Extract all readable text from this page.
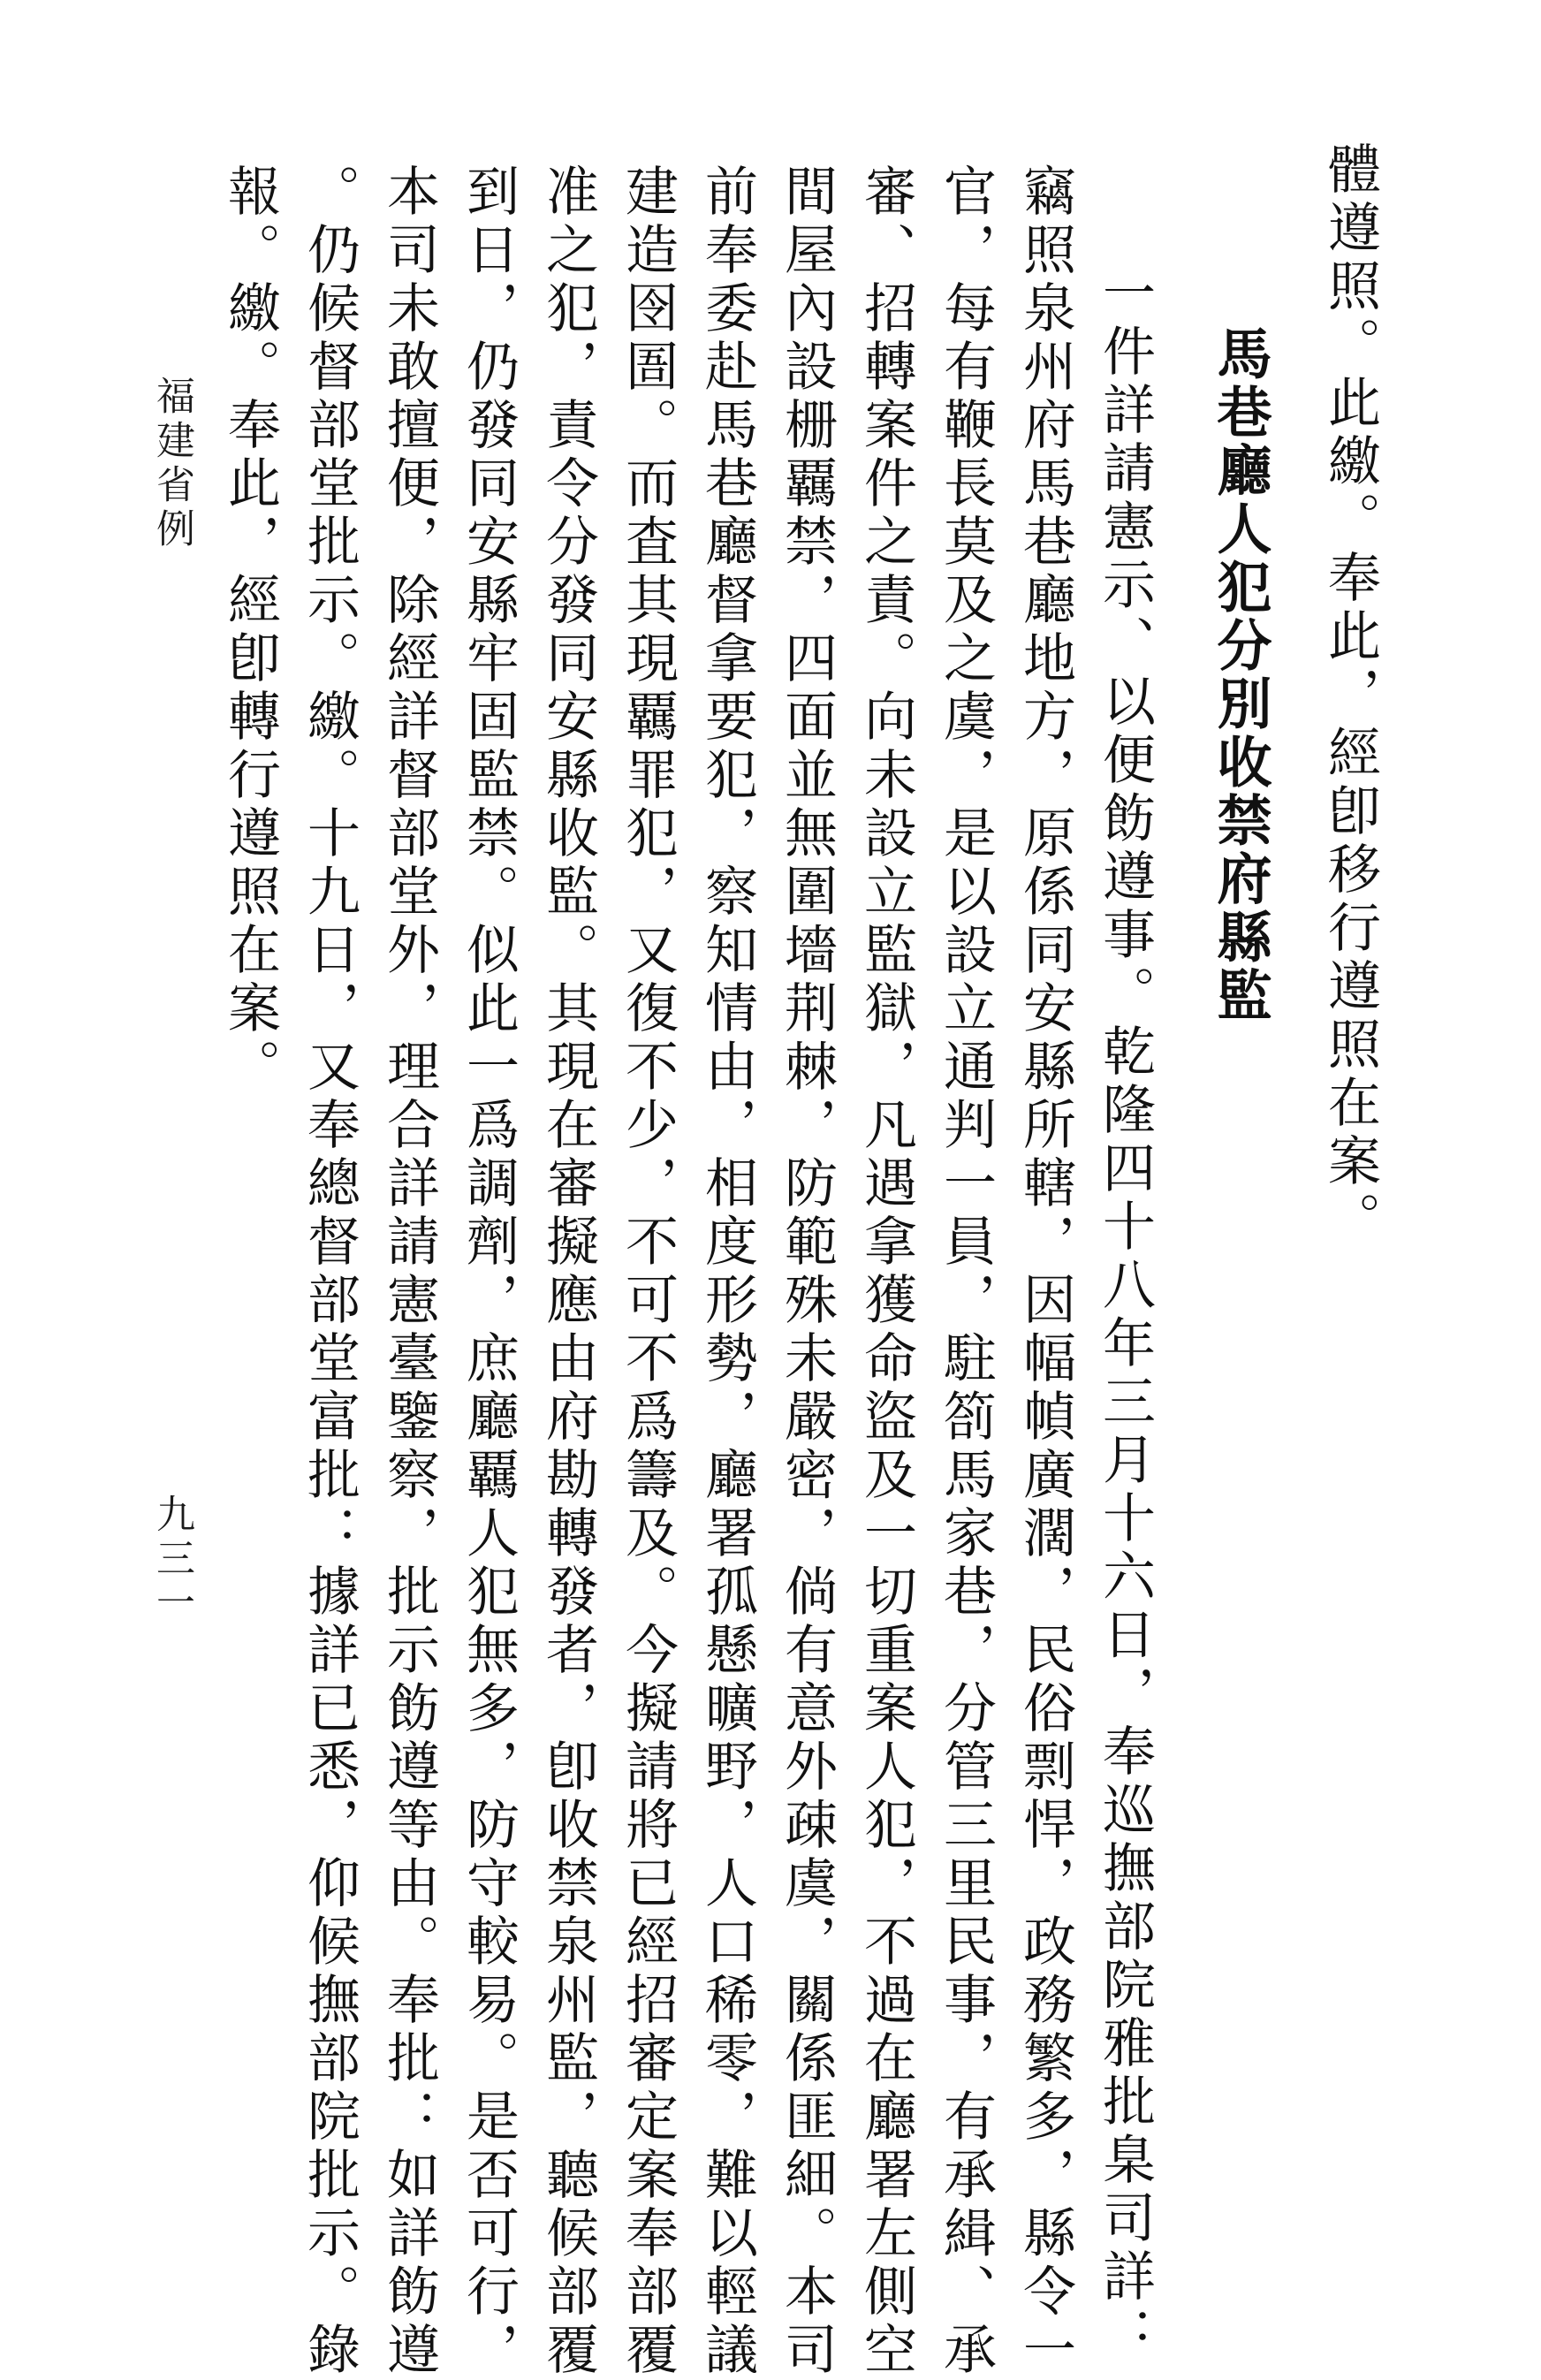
體遵照。此繳。奉此，經卽移行遵照在案。
馬巷廳人犯分別收禁府縣監
一件詳請憲示、以便飭遵事。乾隆四十八年三月十六日，奉巡撫部院雅批臬司詳：
竊照泉州府馬巷廳地方，原係同安縣所轄，因幅幀廣濶，民俗剽悍，政務繁多，縣令一
官，每有鞭長莫及之虞，是以設立通判一員，駐箚馬家巷，分管三里民事，有承緝、承
審、招轉案件之責。向未設立監獄，凡遇拿獲命盜及一切重案人犯，不過在廳署左側空
間屋內設栅覊禁，四面並無圍墻荆棘，防範殊未嚴密，倘有意外疎虞，關係匪細。本司
前奉委赴馬巷廳督拿要犯，察知情由，相度形勢，廳署孤懸曠野，人口稀零，難以輕議
建造囹圄。而査其現覊罪犯，又復不少，不可不爲籌及。今擬請將已經招審定案奉部覆
准之犯，責令分發同安縣收監。其現在審擬應由府勘轉發者，卽收禁泉州監，聽候部覆
到日，仍發同安縣牢固監禁。似此一爲調劑，庶廳覊人犯無多，防守較易。是否可行，
本司未敢擅便，除經詳督部堂外，理合詳請憲臺鑒察，批示飭遵等由。奉批：如詳飭遵
。仍候督部堂批示。繳。十九日，又奉總督部堂富批：據詳已悉，仰候撫部院批示。錄
報。繳。奉此，經卽轉行遵照在案。
福建省例
九三一
